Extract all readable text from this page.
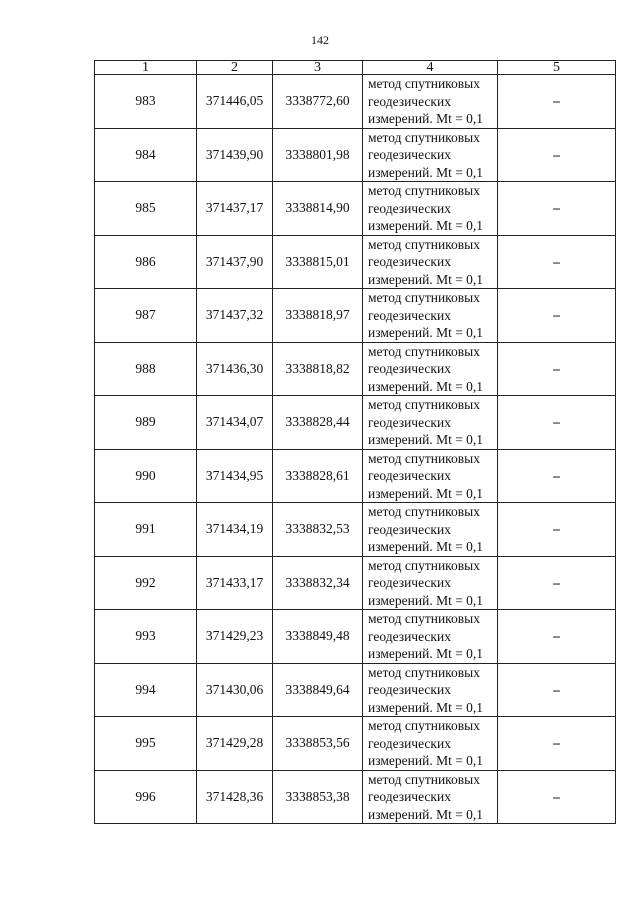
142
1	2	3	4	5
983	371446,05	3338772,60	метод спутниковых
геодезических
измерений. Mt = 0,1	–
984	371439,90	3338801,98	метод спутниковых
геодезических
измерений. Mt = 0,1	–
985	371437,17	3338814,90	метод спутниковых
геодезических
измерений. Mt = 0,1	–
986	371437,90	3338815,01	метод спутниковых
геодезических
измерений. Mt = 0,1	–
987	371437,32	3338818,97	метод спутниковых
геодезических
измерений. Mt = 0,1	–
988	371436,30	3338818,82	метод спутниковых
геодезических
измерений. Mt = 0,1	–
989	371434,07	3338828,44	метод спутниковых
геодезических
измерений. Mt = 0,1	–
990	371434,95	3338828,61	метод спутниковых
геодезических
измерений. Mt = 0,1	–
991	371434,19	3338832,53	метод спутниковых
геодезических
измерений. Mt = 0,1	–
992	371433,17	3338832,34	метод спутниковых
геодезических
измерений. Mt = 0,1	–
993	371429,23	3338849,48	метод спутниковых
геодезических
измерений. Mt = 0,1	–
994	371430,06	3338849,64	метод спутниковых
геодезических
измерений. Mt = 0,1	–
995	371429,28	3338853,56	метод спутниковых
геодезических
измерений. Mt = 0,1	–
996	371428,36	3338853,38	метод спутниковых
геодезических
измерений. Mt = 0,1	–
